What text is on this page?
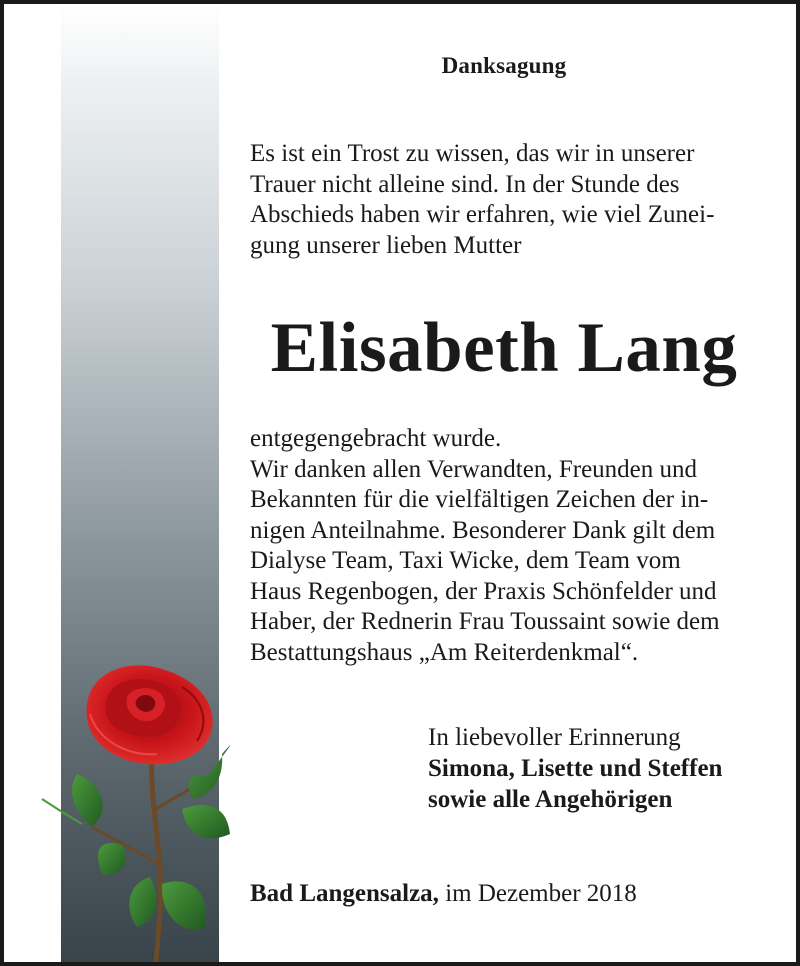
Danksagung
Es ist ein Trost zu wissen, das wir in unserer
Trauer nicht alleine sind. In der Stunde des
Abschieds haben wir erfahren, wie viel Zunei-
gung unserer lieben Mutter
Elisabeth Lang
entgegengebracht wurde.
Wir danken allen Verwandten, Freunden und
Bekannten für die vielfältigen Zeichen der in-
nigen Anteilnahme. Besonderer Dank gilt dem
Dialyse Team, Taxi Wicke, dem Team vom
Haus Regenbogen, der Praxis Schönfelder und
Haber, der Rednerin Frau Toussaint sowie dem
Bestattungshaus „Am Reiterdenkmal“.
In liebevoller Erinnerung
Simona, Lisette und Steffen
sowie alle Angehörigen
Bad Langensalza, im Dezember 2018
